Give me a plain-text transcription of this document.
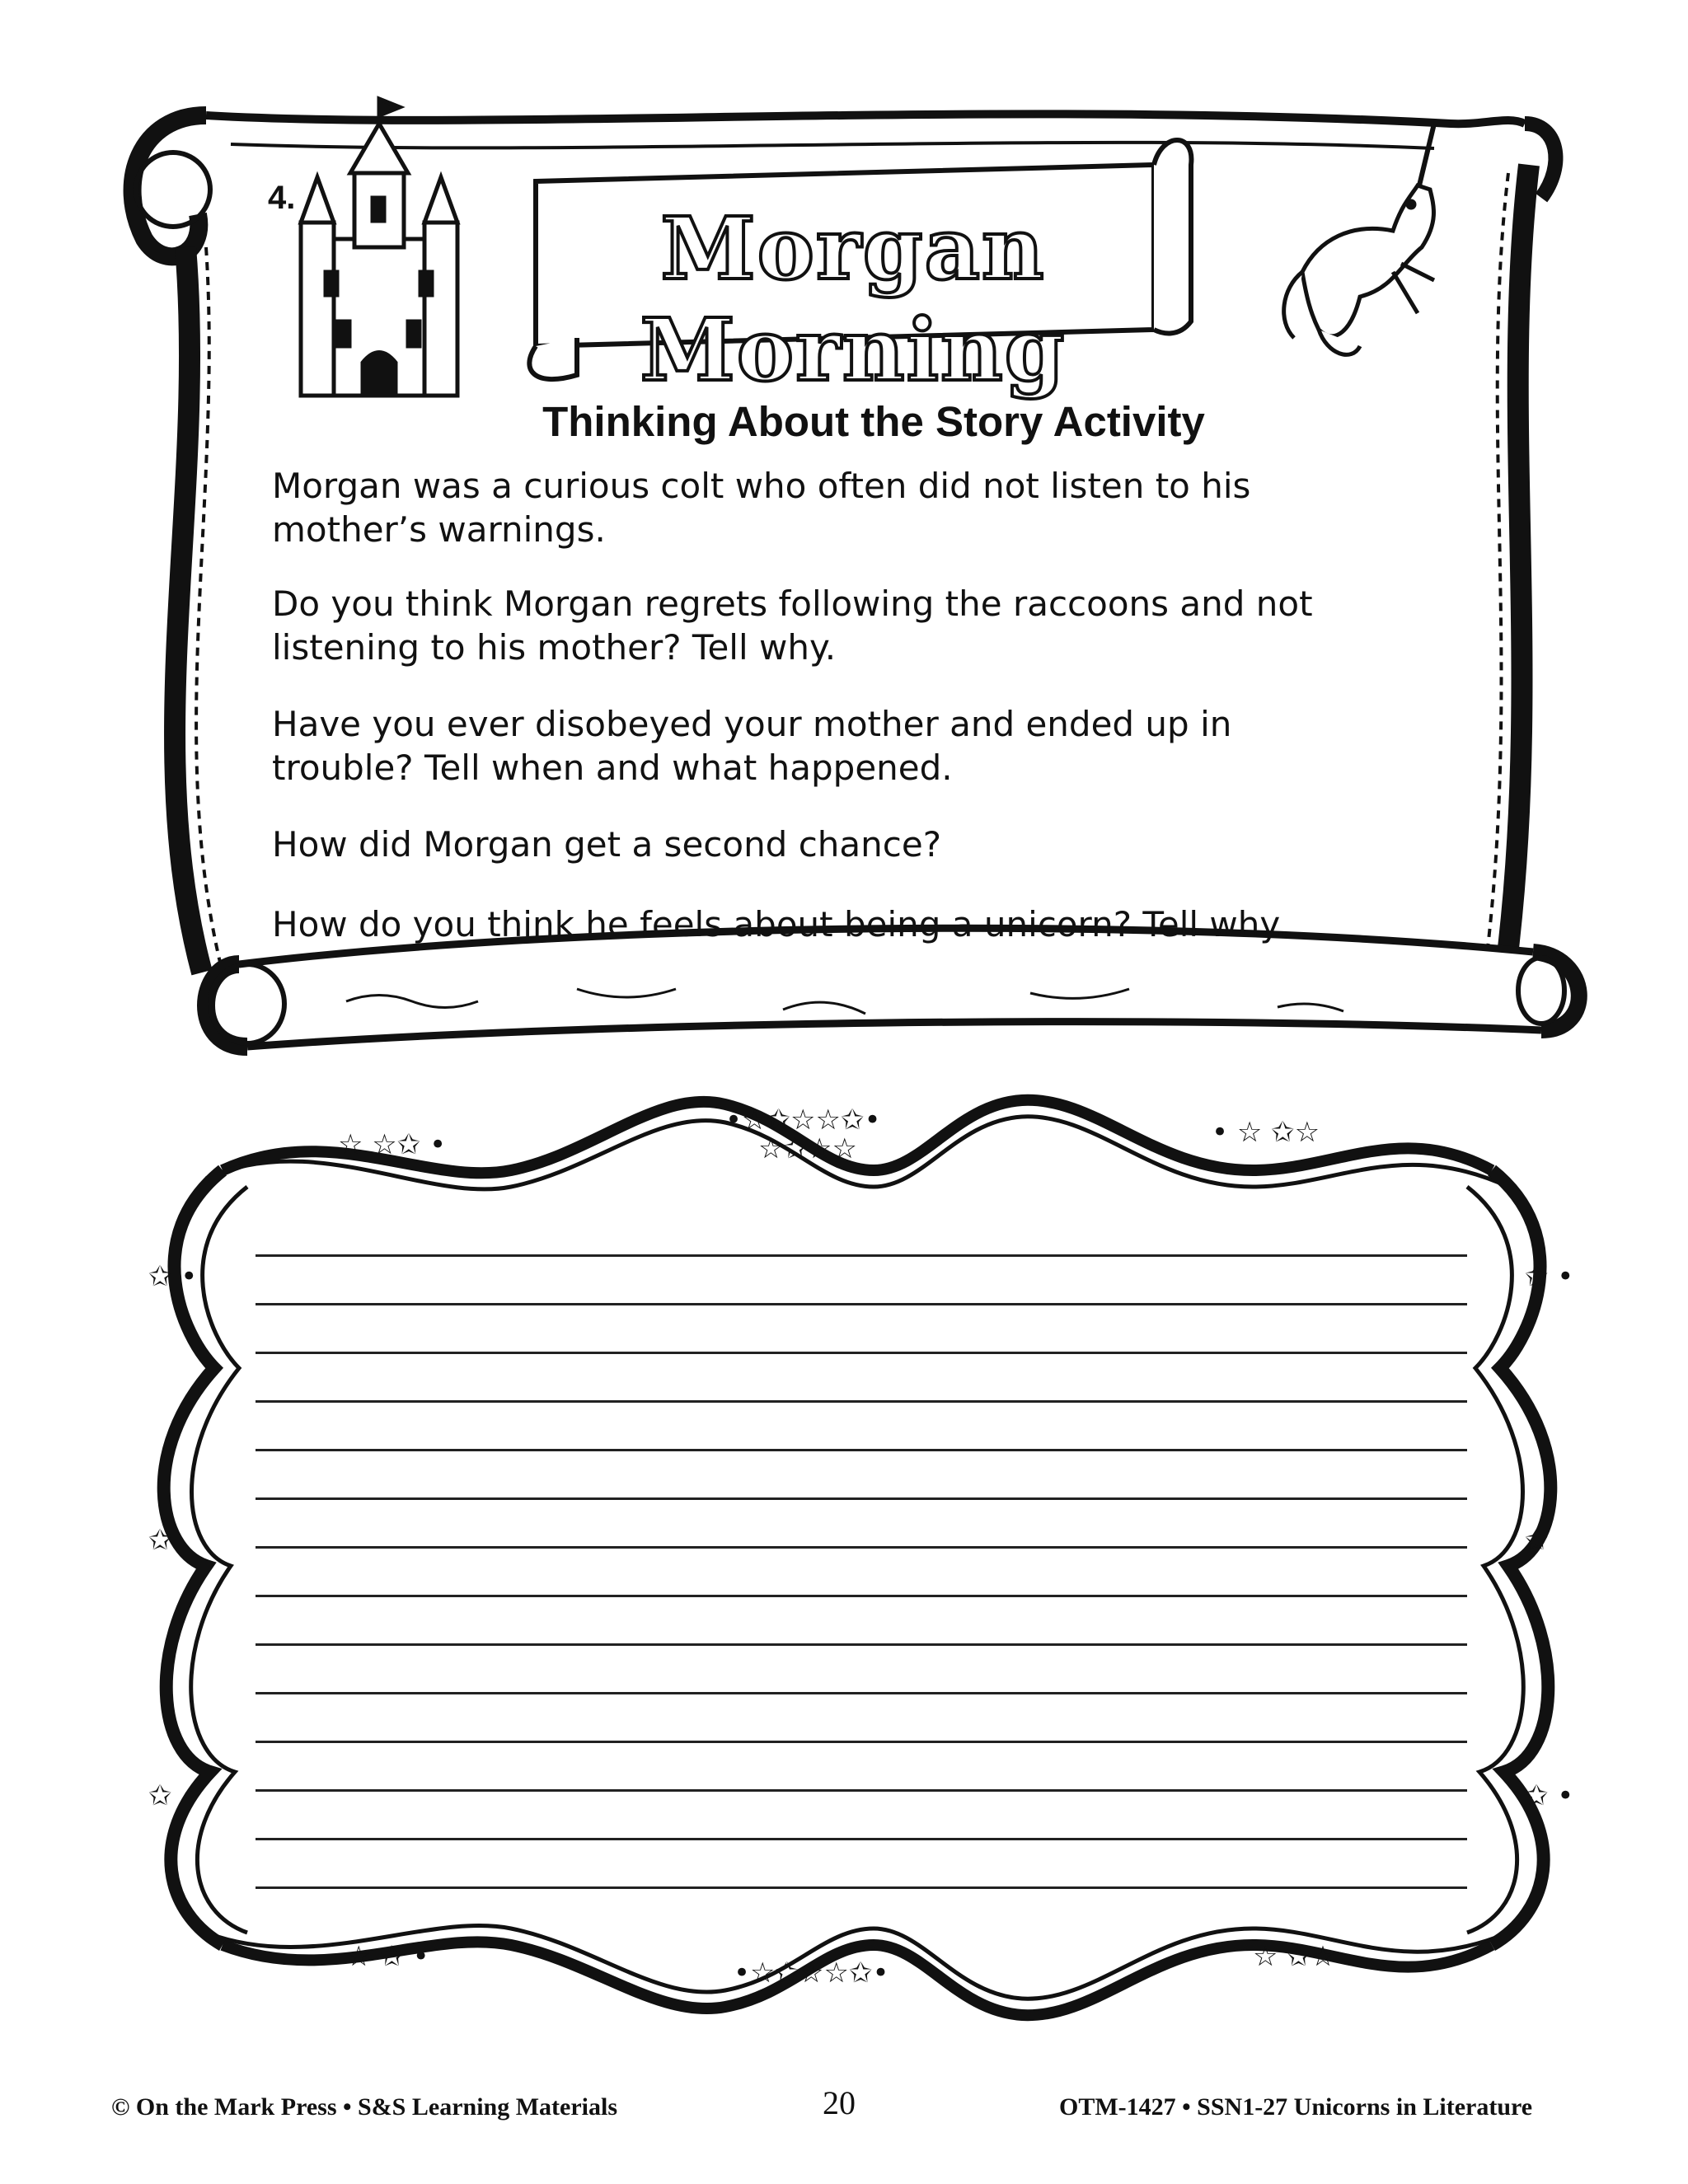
☆ ☆✩ •
•☆✩☆☆✩•
☆✩☆☆	• ☆ ✩☆
✩ •	✩ •
✩	✩
✩ •	✩ •
☆ ✩ •	•☆✩☆☆✩•	☆ ✩☆
4.	Morgan Morning
Thinking About the Story Activity
Morgan was a curious colt who often did not listen to his mother’s warnings.
Do you think Morgan regrets following the raccoons and not listening to his mother? Tell why.
Have you ever disobeyed your mother and ended up in trouble? Tell when and what happened.
How did Morgan get a second chance?
How do you think he feels about being a unicorn? Tell why.
© On the Mark Press • S&S Learning Materials	20	OTM-1427 • SSN1-27 Unicorns in Literature
